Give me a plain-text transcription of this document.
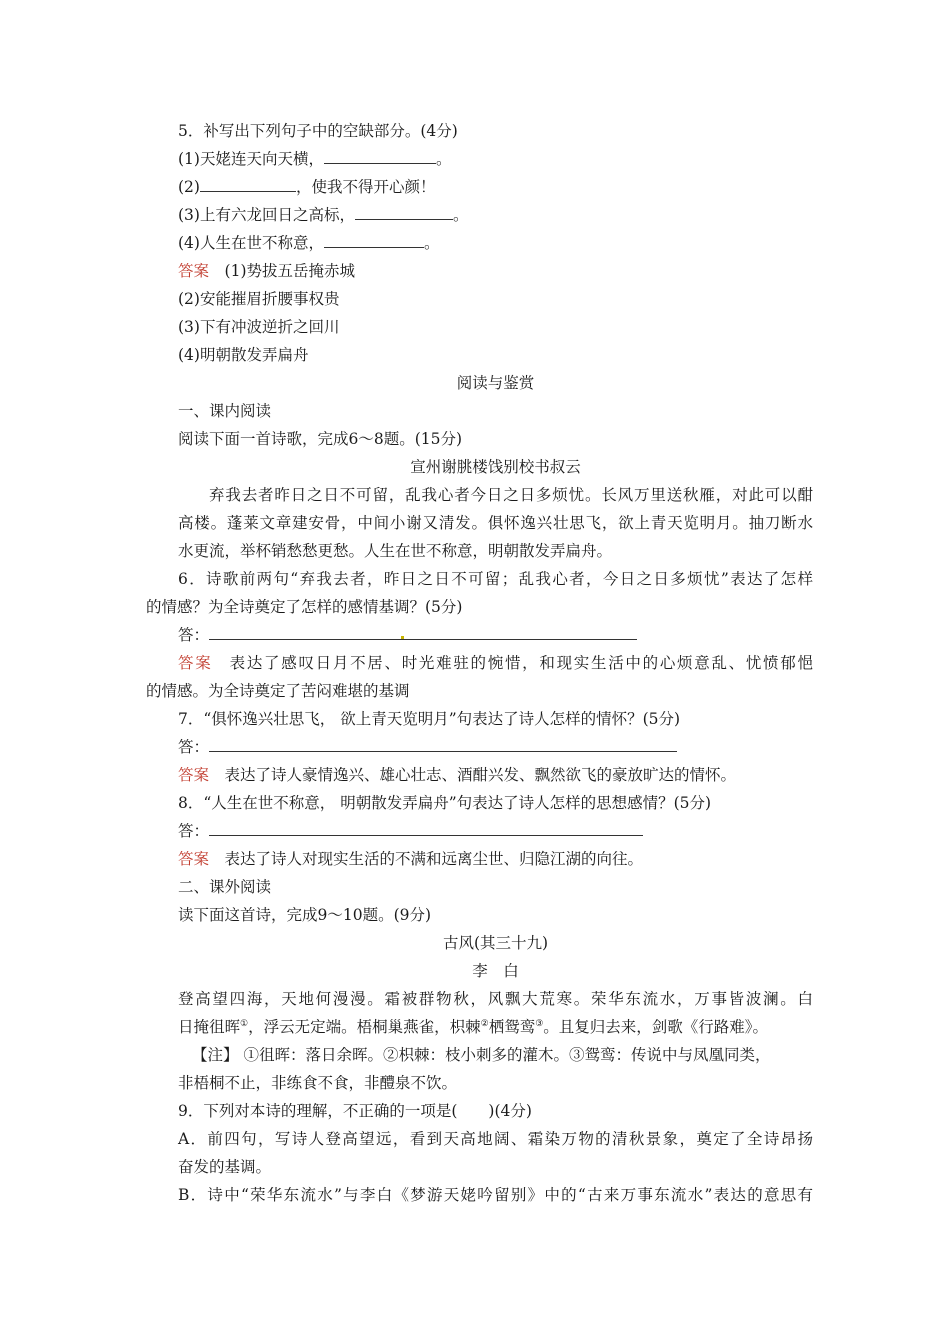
5．补写出下列句子中的空缺部分。(4分)
(1)天姥连天向天横，	。
(2)	，使我不得开心颜！
(3)上有六龙回日之高标，	。
(4)人生在世不称意，	。
答案　 (1)势拔五岳掩赤城
(2)安能摧眉折腰事权贵
(3)下有冲波逆折之回川
(4)明朝散发弄扁舟
阅读与鉴赏
一、课内阅读
阅读下面一首诗歌，完成6～8题。(15分)
宣州谢朓楼饯别校书叔云
弃我去者昨日之日不可留，乱我心者今日之日多烦忧。长风万里送秋雁，对此可以酣
高楼。蓬莱文章建安骨，中间小谢又清发。俱怀逸兴壮思飞，欲上青天览明月。抽刀断水
水更流，举杯销愁愁更愁。人生在世不称意，明朝散发弄扁舟。
6．诗歌前两句“弃我去者，昨日之日不可留；乱我心者，今日之日多烦忧”表达了怎样
的情感？为全诗奠定了怎样的感情基调？(5分)
答：
答案　 表达了感叹日月不居、时光难驻的惋惜，和现实生活中的心烦意乱、忧愤郁悒
的情感。为全诗奠定了苦闷难堪的基调
7．“俱怀逸兴壮思飞， 欲上青天览明月”句表达了诗人怎样的情怀？(5分)
答：
答案　 表达了诗人豪情逸兴、雄心壮志、酒酣兴发、飘然欲飞的豪放旷达的情怀。
8．“人生在世不称意， 明朝散发弄扁舟”句表达了诗人怎样的思想感情？(5分)
答：
答案　 表达了诗人对现实生活的不满和远离尘世、归隐江湖的向往。
二、课外阅读
读下面这首诗，完成9～10题。(9分)
古风(其三十九)
李　白
登高望四海，天地何漫漫。霜被群物秋，风飘大荒寒。荣华东流水，万事皆波澜。白
日掩徂晖①，浮云无定端。梧桐巢燕雀，枳棘②栖鸳鸾③。且复归去来，剑歌《行路难》。
【注】 ①徂晖：落日余晖。②枳棘：枝小刺多的灌木。③鸳鸾：传说中与凤凰同类，
非梧桐不止，非练食不食，非醴泉不饮。
9．下列对本诗的理解，不正确的一项是(　　)(4分)
A．前四句，写诗人登高望远，看到天高地阔、霜染万物的清秋景象，奠定了全诗昂扬
奋发的基调。
B．诗中“荣华东流水”与李白《梦游天姥吟留别》中的“古来万事东流水”表达的意思有
